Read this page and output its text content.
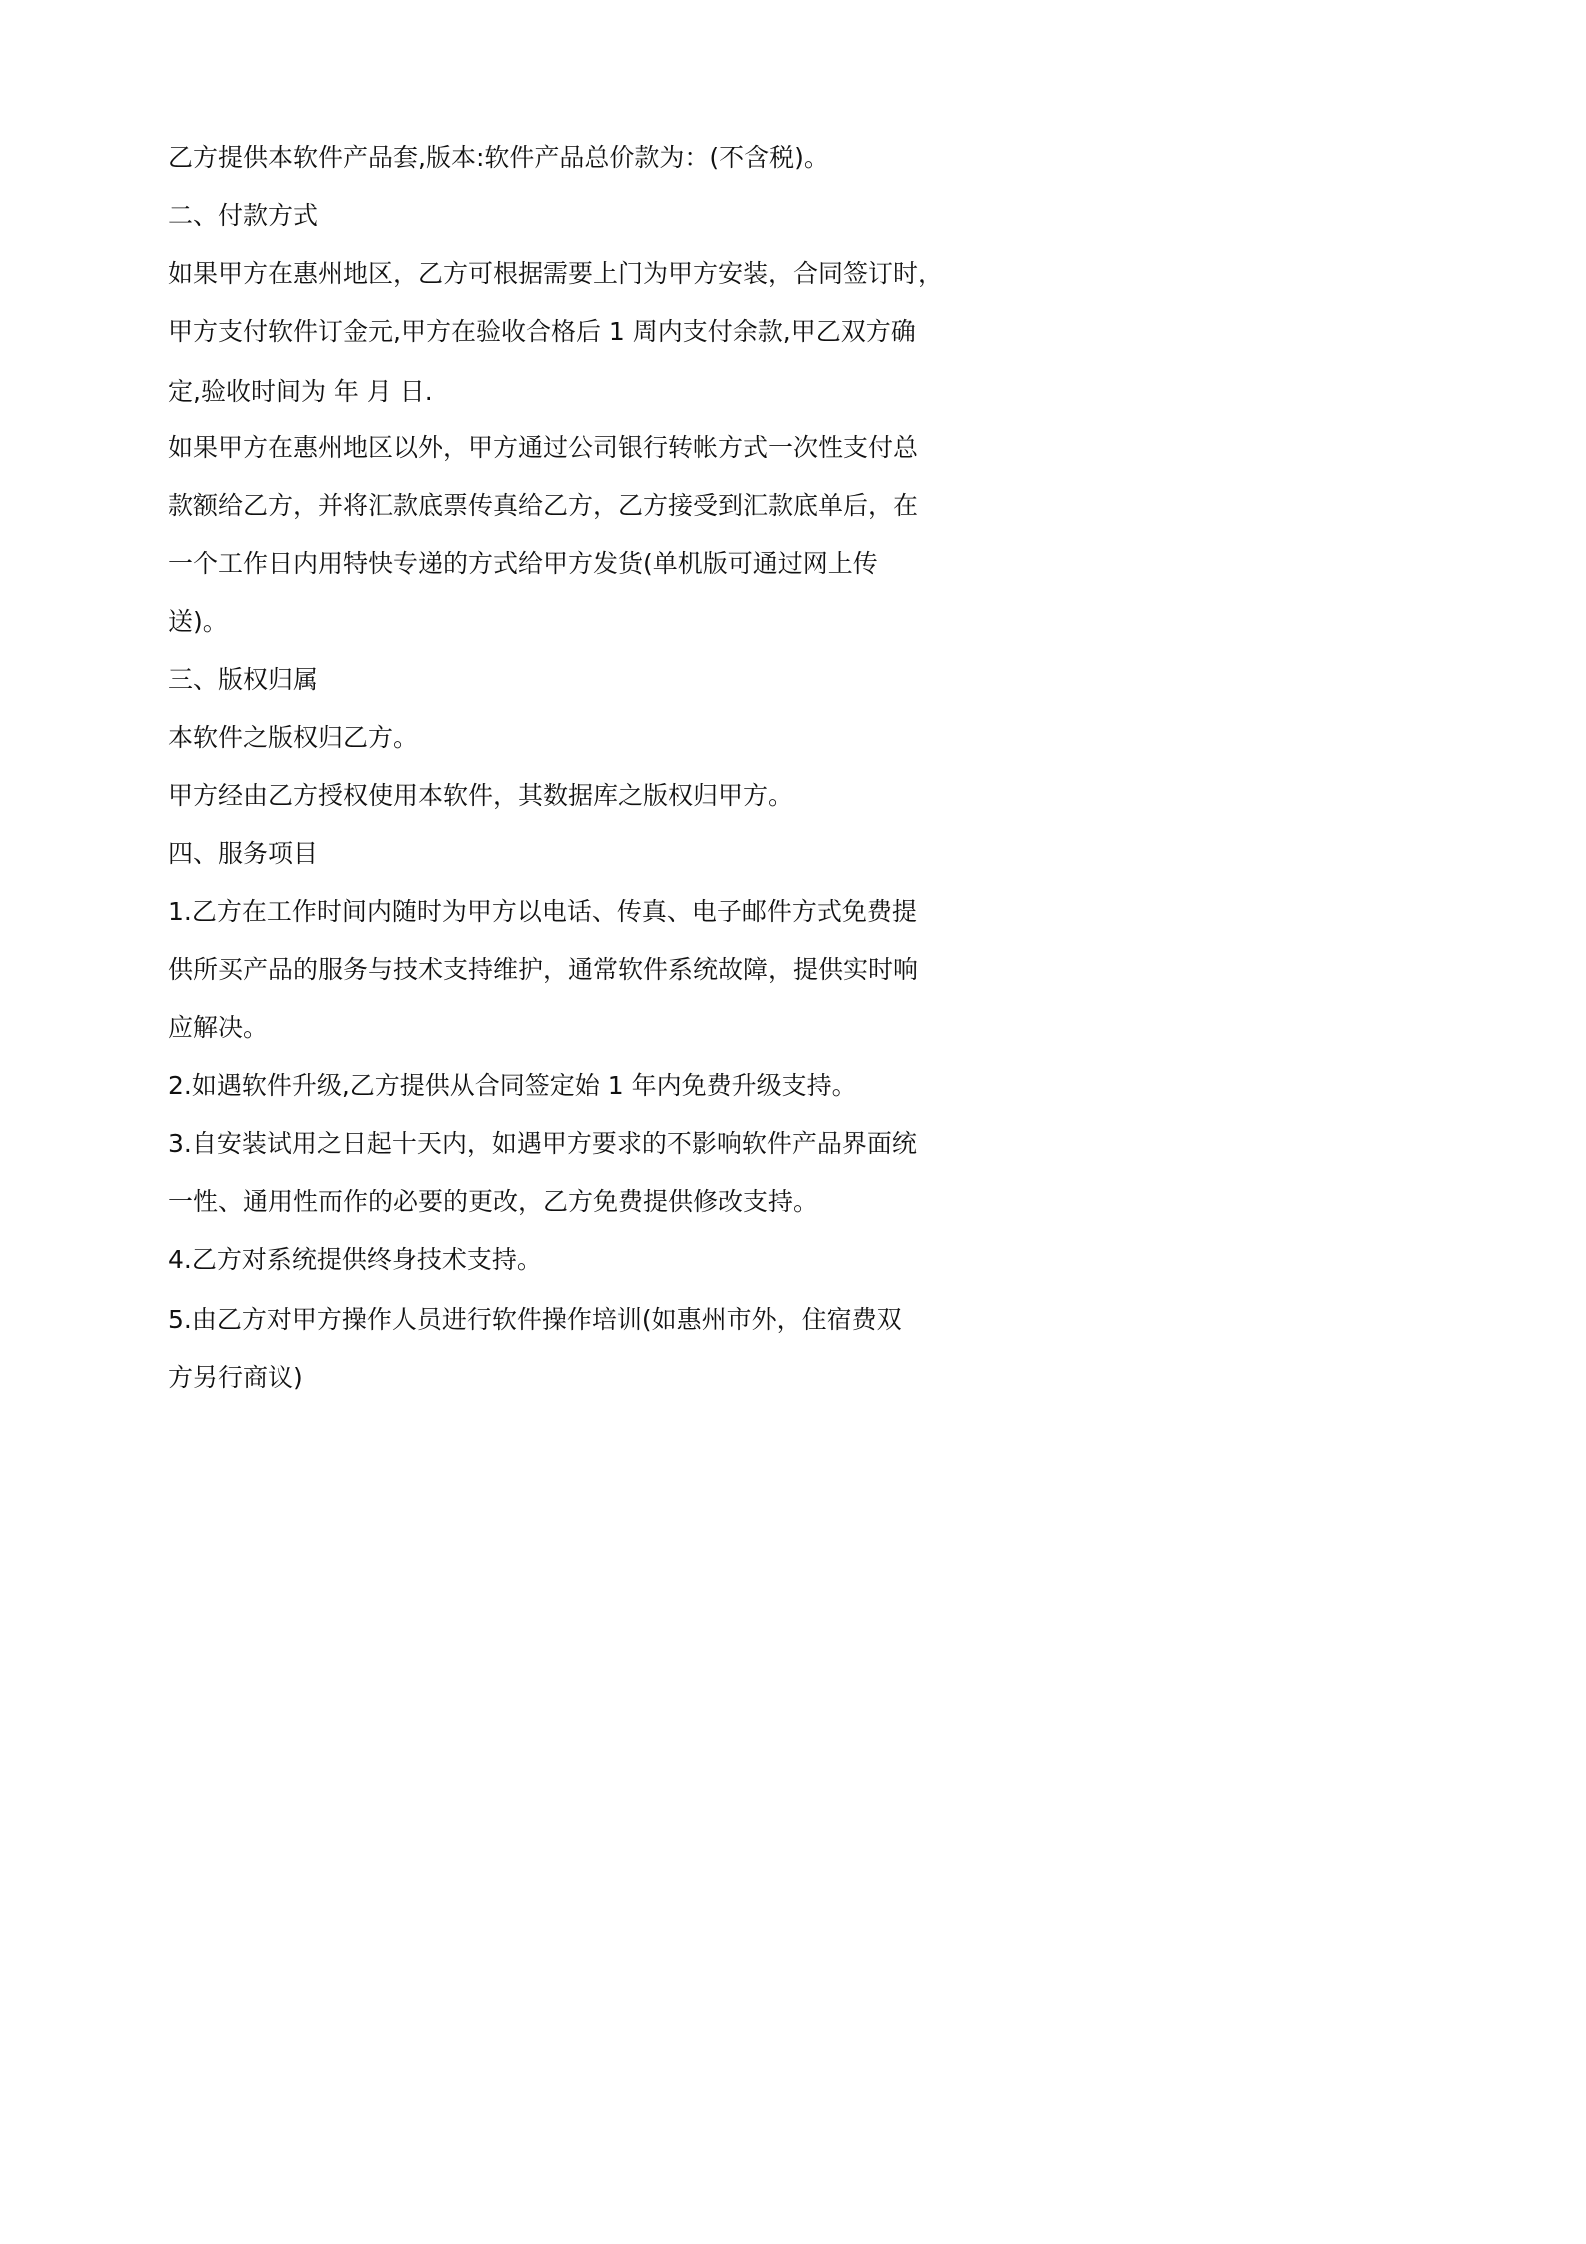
乙方提供本软件产品套,版本:软件产品总价款为：(不含税)。

二、付款方式

如果甲方在惠州地区，乙方可根据需要上门为甲方安装，合同签订时，

甲方支付软件订金元,甲方在验收合格后 1 周内支付余款,甲乙双方确

定,验收时间为 年 月 日.

如果甲方在惠州地区以外，甲方通过公司银行转帐方式一次性支付总

款额给乙方，并将汇款底票传真给乙方，乙方接受到汇款底单后，在

一个工作日内用特快专递的方式给甲方发货(单机版可通过网上传

送)。

三、版权归属

本软件之版权归乙方。

甲方经由乙方授权使用本软件，其数据库之版权归甲方。

四、服务项目

1.乙方在工作时间内随时为甲方以电话、传真、电子邮件方式免费提

供所买产品的服务与技术支持维护，通常软件系统故障，提供实时响

应解决。

2.如遇软件升级,乙方提供从合同签定始 1 年内免费升级支持。

3.自安装试用之日起十天内，如遇甲方要求的不影响软件产品界面统

一性、通用性而作的必要的更改，乙方免费提供修改支持。

4.乙方对系统提供终身技术支持。

5.由乙方对甲方操作人员进行软件操作培训(如惠州市外，住宿费双

方另行商议)
